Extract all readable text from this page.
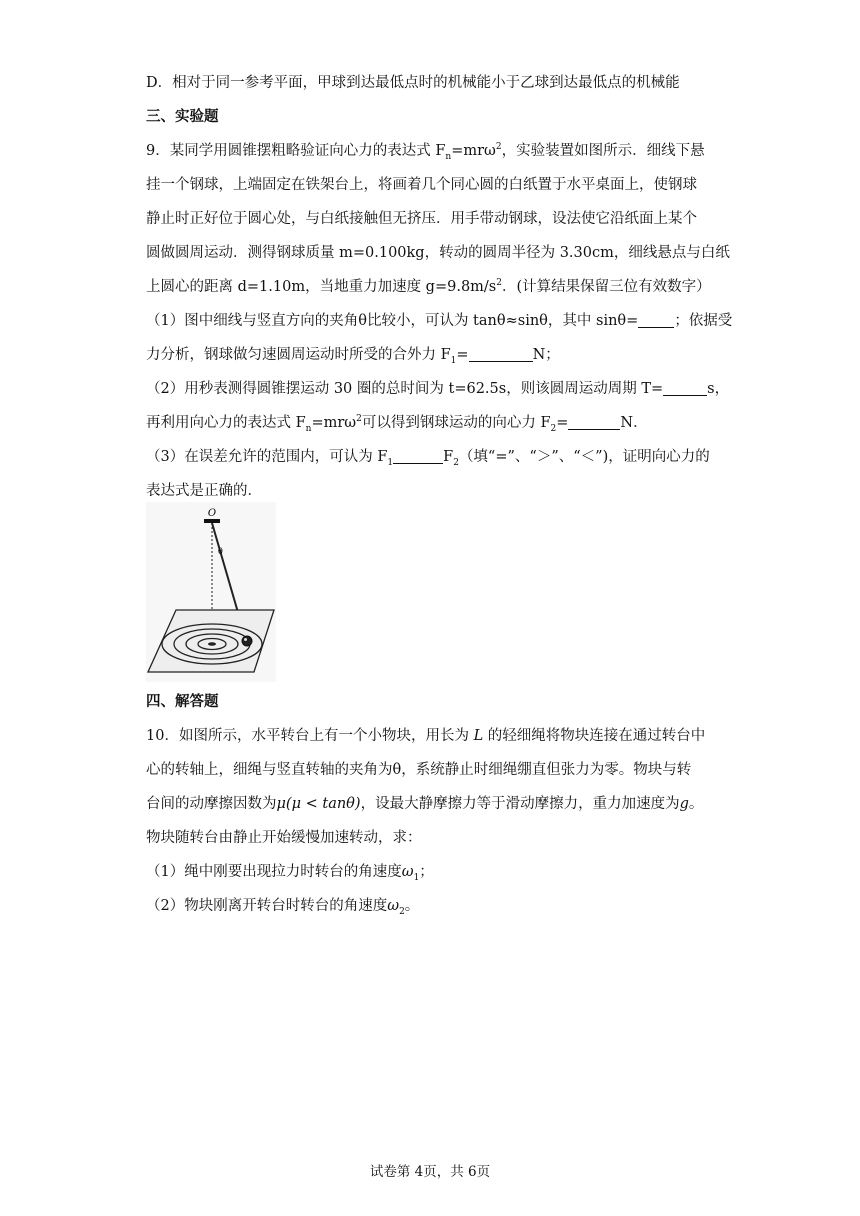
D．相对于同一参考平面，甲球到达最低点时的机械能小于乙球到达最低点的机械能
三、实验题
9．某同学用圆锥摆粗略验证向心力的表达式 $F_n=mr\omega^2$，实验装置如图所示．细线下悬
挂一个钢球，上端固定在铁架台上，将画着几个同心圆的白纸置于水平桌面上，使钢球
静止时正好位于圆心处，与白纸接触但无挤压．用手带动钢球，设法使它沿纸面上某个
圆做圆周运动．测得钢球质量 m=0.100kg，转动的圆周半径为 3.30cm，细线悬点与白纸
上圆心的距离 d=1.10m，当地重力加速度 $g=9.8m/s^2$．(计算结果保留三位有效数字）
（1）图中细线与竖直方向的夹角θ比较小，可认为 tanθ≈sinθ，其中 sinθ= ；依据受
力分析，钢球做匀速圆周运动时所受的合外力 $F_1=$	N；
（2）用秒表测得圆锥摆运动 30 圈的总时间为 t=62.5s，则该圆周运动周期 T=	s，
再利用向心力的表达式 $F_n=mr\omega^2$可以得到钢球运动的向心力 $F_2=$	N．
（3）在误差允许的范围内，可认为 $F_1$	$F_2$（填“=”、“＞”、“＜”)，证明向心力的
表达式是正确的．
O
θ
四、解答题
10．如图所示，水平转台上有一个小物块，用长为 L 的轻细绳将物块连接在通过转台中
心的转轴上，细绳与竖直转轴的夹角为θ，系统静止时细绳绷直但张力为零。物块与转
台间的动摩擦因数为μ(μ < tanθ)，设最大静摩擦力等于滑动摩擦力，重力加速度为g。
物块随转台由静止开始缓慢加速转动，求：
（1）绳中刚要出现拉力时转台的角速度$\omega_1$；
（2）物块刚离开转台时转台的角速度$\omega_2$。
试卷第 4页，共 6页
